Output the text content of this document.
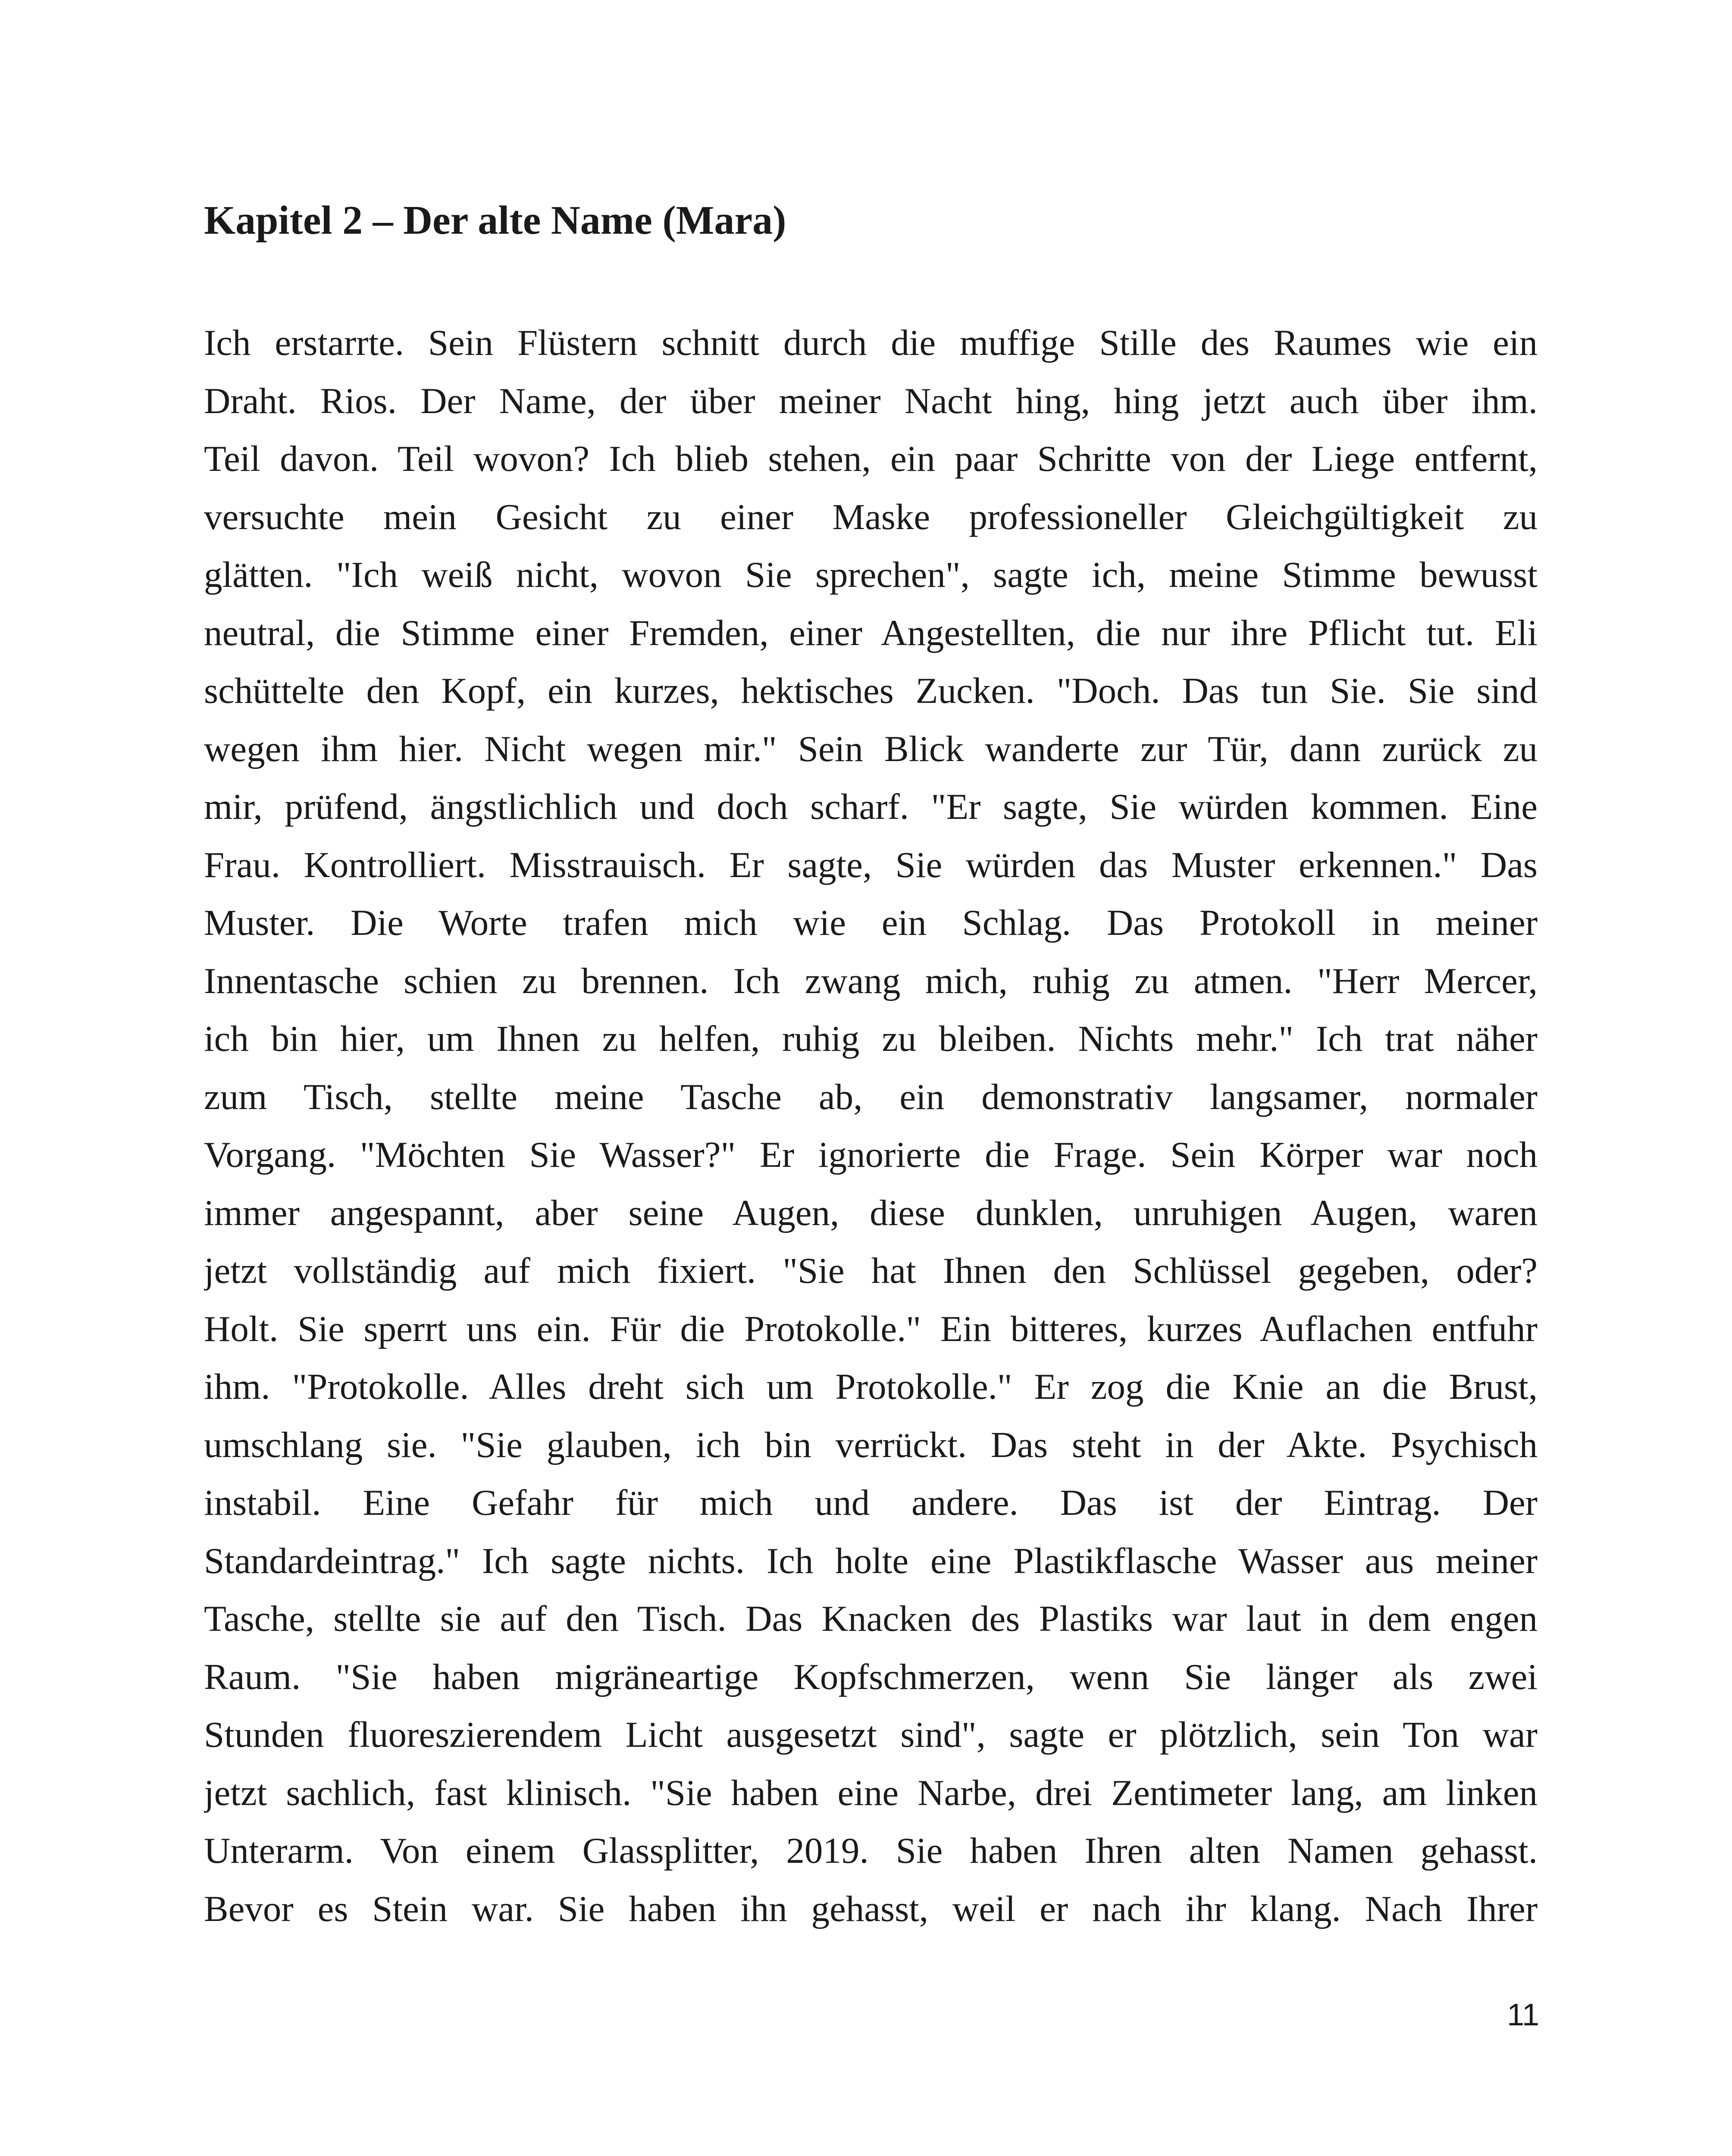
Kapitel 2 – Der alte Name (Mara)
Ich erstarrte. Sein Flüstern schnitt durch die muffige Stille des Raumes wie ein
Draht. Rios. Der Name, der über meiner Nacht hing, hing jetzt auch über ihm.
Teil davon. Teil wovon? Ich blieb stehen, ein paar Schritte von der Liege entfernt,
versuchte mein Gesicht zu einer Maske professioneller Gleichgültigkeit zu
glätten. "Ich weiß nicht, wovon Sie sprechen", sagte ich, meine Stimme bewusst
neutral, die Stimme einer Fremden, einer Angestellten, die nur ihre Pflicht tut. Eli
schüttelte den Kopf, ein kurzes, hektisches Zucken. "Doch. Das tun Sie. Sie sind
wegen ihm hier. Nicht wegen mir." Sein Blick wanderte zur Tür, dann zurück zu
mir, prüfend, ängstlichlich und doch scharf. "Er sagte, Sie würden kommen. Eine
Frau. Kontrolliert. Misstrauisch. Er sagte, Sie würden das Muster erkennen." Das
Muster. Die Worte trafen mich wie ein Schlag. Das Protokoll in meiner
Innentasche schien zu brennen. Ich zwang mich, ruhig zu atmen. "Herr Mercer,
ich bin hier, um Ihnen zu helfen, ruhig zu bleiben. Nichts mehr." Ich trat näher
zum Tisch, stellte meine Tasche ab, ein demonstrativ langsamer, normaler
Vorgang. "Möchten Sie Wasser?" Er ignorierte die Frage. Sein Körper war noch
immer angespannt, aber seine Augen, diese dunklen, unruhigen Augen, waren
jetzt vollständig auf mich fixiert. "Sie hat Ihnen den Schlüssel gegeben, oder?
Holt. Sie sperrt uns ein. Für die Protokolle." Ein bitteres, kurzes Auflachen entfuhr
ihm. "Protokolle. Alles dreht sich um Protokolle." Er zog die Knie an die Brust,
umschlang sie. "Sie glauben, ich bin verrückt. Das steht in der Akte. Psychisch
instabil. Eine Gefahr für mich und andere. Das ist der Eintrag. Der
Standardeintrag." Ich sagte nichts. Ich holte eine Plastikflasche Wasser aus meiner
Tasche, stellte sie auf den Tisch. Das Knacken des Plastiks war laut in dem engen
Raum. "Sie haben migräneartige Kopfschmerzen, wenn Sie länger als zwei
Stunden fluoreszierendem Licht ausgesetzt sind", sagte er plötzlich, sein Ton war
jetzt sachlich, fast klinisch. "Sie haben eine Narbe, drei Zentimeter lang, am linken
Unterarm. Von einem Glassplitter, 2019. Sie haben Ihren alten Namen gehasst.
Bevor es Stein war. Sie haben ihn gehasst, weil er nach ihr klang. Nach Ihrer
11
